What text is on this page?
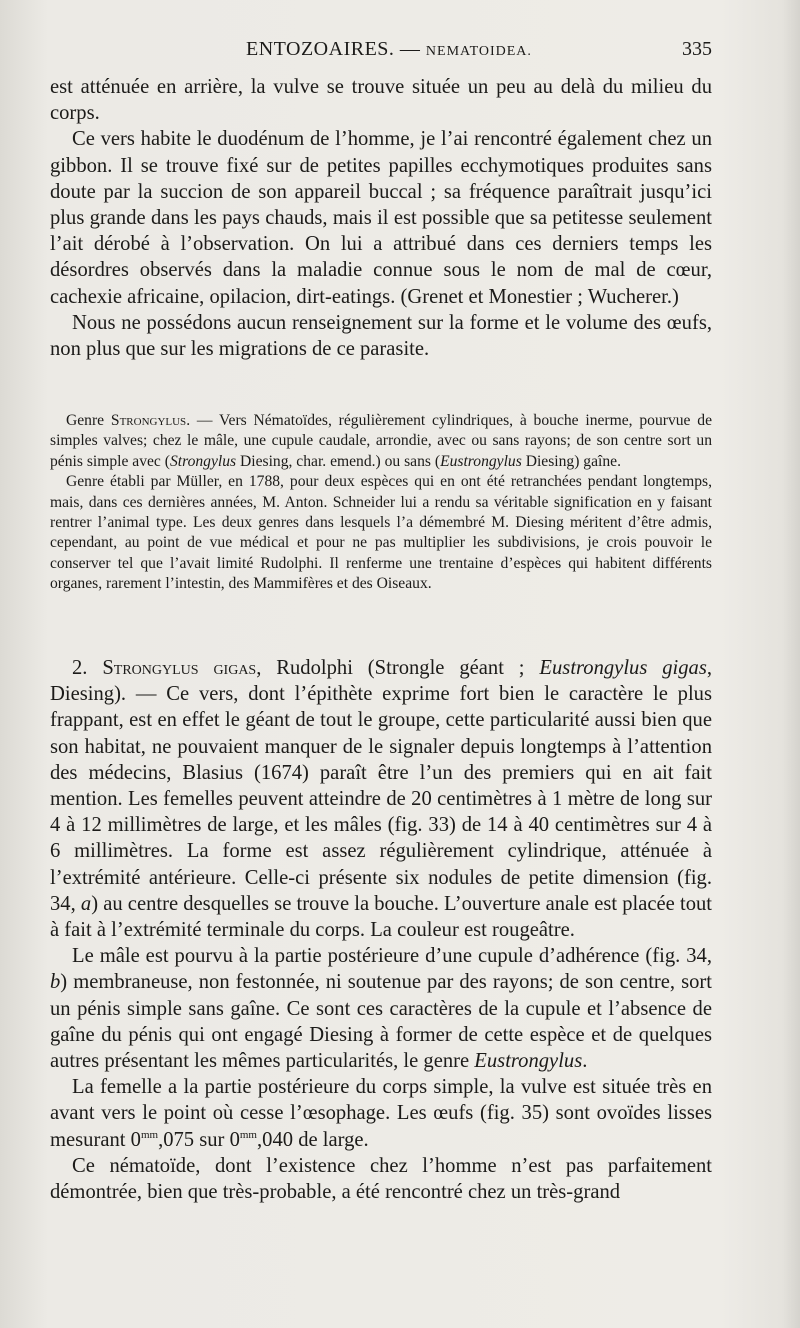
ENTOZOAIRES. — NEMATOIDEA.	335

est atténuée en arrière, la vulve se trouve située un peu au delà du milieu du corps.

Ce vers habite le duodénum de l’homme, je l’ai rencontré également chez un gibbon. Il se trouve fixé sur de petites papilles ecchymotiques produites sans doute par la succion de son appareil buccal ; sa fréquence paraîtrait jusqu’ici plus grande dans les pays chauds, mais il est possible que sa petitesse seulement l’ait dérobé à l’observation. On lui a attribué dans ces derniers temps les désordres observés dans la maladie connue sous le nom de mal de cœur, cachexie africaine, opilacion, dirt-eatings. (Grenet et Monestier ; Wucherer.)

Nous ne possédons aucun renseignement sur la forme et le volume des œufs, non plus que sur les migrations de ce parasite.

Genre Strongylus. — Vers Nématoïdes, régulièrement cylindriques, à bouche inerme, pourvue de simples valves; chez le mâle, une cupule caudale, arrondie, avec ou sans rayons; de son centre sort un pénis simple avec (Strongylus Diesing, char. emend.) ou sans (Eustrongylus Diesing) gaîne.

Genre établi par Müller, en 1788, pour deux espèces qui en ont été retranchées pendant longtemps, mais, dans ces dernières années, M. Anton. Schneider lui a rendu sa véritable signification en y faisant rentrer l’animal type. Les deux genres dans lesquels l’a démembré M. Diesing méritent d’être admis, cependant, au point de vue médical et pour ne pas multiplier les subdivisions, je crois pouvoir le conserver tel que l’avait limité Rudolphi. Il renferme une trentaine d’espèces qui habitent différents organes, rarement l’intestin, des Mammifères et des Oiseaux.

2. Strongylus gigas, Rudolphi (Strongle géant ; Eustrongylus gigas, Diesing). — Ce vers, dont l’épithète exprime fort bien le caractère le plus frappant, est en effet le géant de tout le groupe, cette particularité aussi bien que son habitat, ne pouvaient manquer de le signaler depuis longtemps à l’attention des médecins, Blasius (1674) paraît être l’un des premiers qui en ait fait mention. Les femelles peuvent atteindre de 20 centimètres à 1 mètre de long sur 4 à 12 millimètres de large, et les mâles (fig. 33) de 14 à 40 centimètres sur 4 à 6 millimètres. La forme est assez régulièrement cylindrique, atténuée à l’extrémité antérieure. Celle-ci présente six nodules de petite dimension (fig. 34, a) au centre desquelles se trouve la bouche. L’ouverture anale est placée tout à fait à l’extrémité terminale du corps. La couleur est rougeâtre.

Le mâle est pourvu à la partie postérieure d’une cupule d’adhérence (fig. 34, b) membraneuse, non festonnée, ni soutenue par des rayons; de son centre, sort un pénis simple sans gaîne. Ce sont ces caractères de la cupule et l’absence de gaîne du pénis qui ont engagé Diesing à former de cette espèce et de quelques autres présentant les mêmes particularités, le genre Eustrongylus.

La femelle a la partie postérieure du corps simple, la vulve est située très en avant vers le point où cesse l’œsophage. Les œufs (fig. 35) sont ovoïdes lisses mesurant $0^{mm},075$ sur $0^{mm},040$ de large.

Ce nématoïde, dont l’existence chez l’homme n’est pas parfaitement démontrée, bien que très-probable, a été rencontré chez un très-grand
